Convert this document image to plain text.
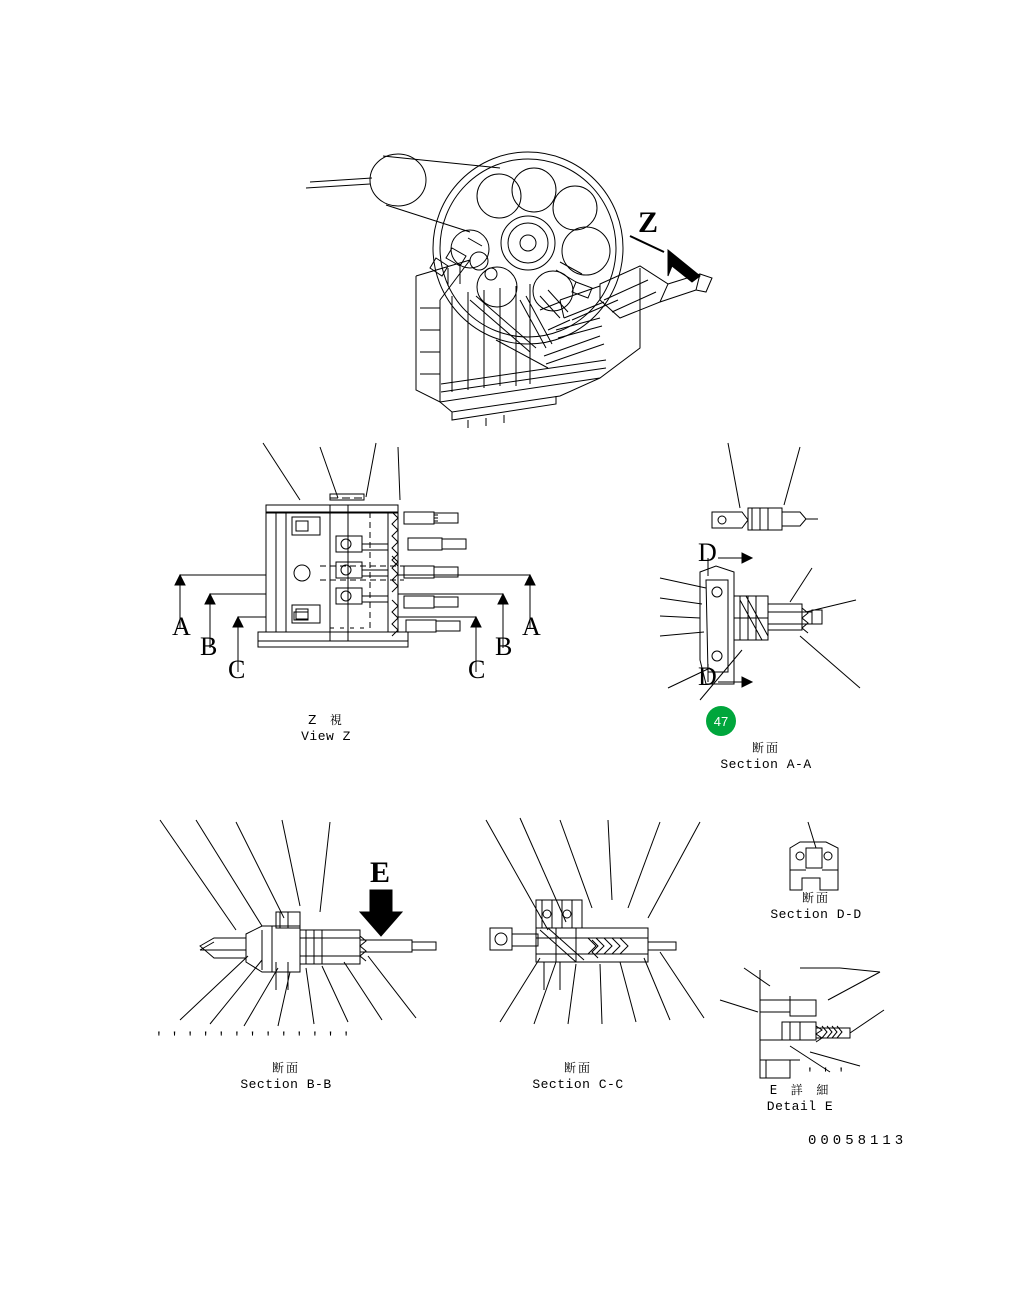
Z
A
B
C
A
B
C
D
D
E
47
' ' ' ' ' ' ' ' ' ' ' ' '
' ' '
Z  視
View Z
断面
Section A-A
断面
Section B-B
断面
Section C-C
断面
Section D-D
E  詳  細
Detail E
00058113
